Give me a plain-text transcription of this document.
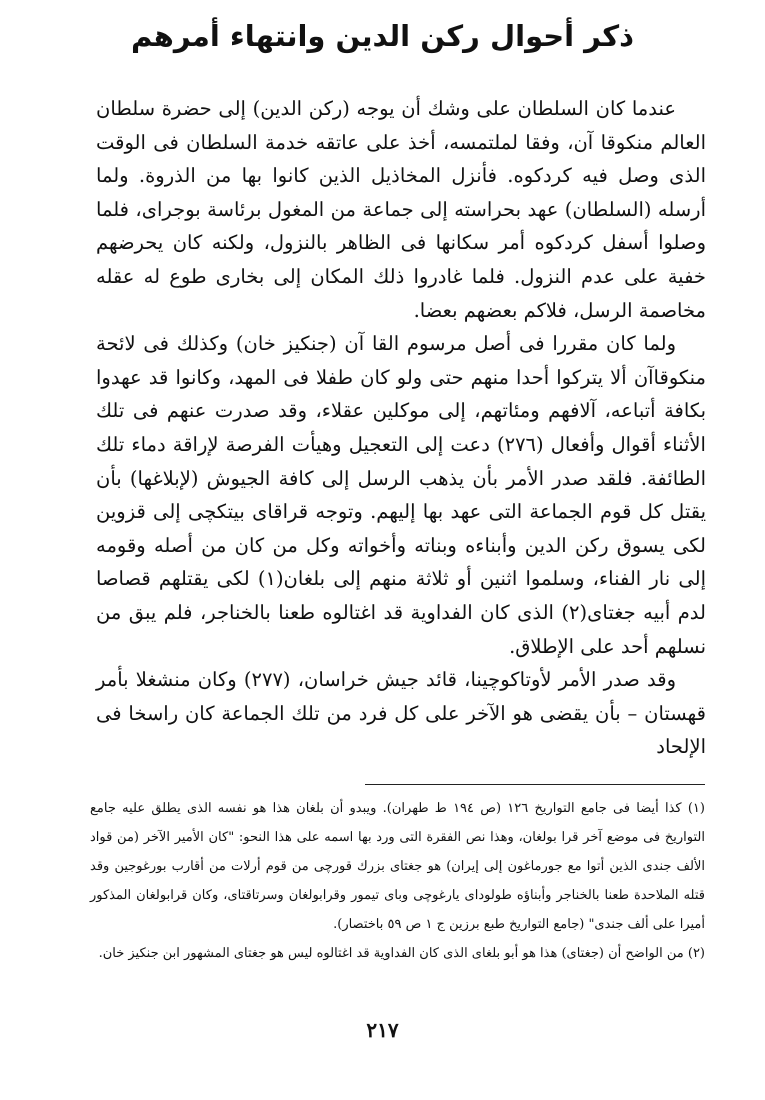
ذكر أحوال ركن الدين وانتهاء أمرهم

عندما كان السلطان على وشك أن يوجه (ركن الدين) إلى حضرة سلطان العالم منكوقا آن، وفقا لملتمسه، أخذ على عاتقه خدمة السلطان فى الوقت الذى وصل فيه كردكوه. فأنزل المخاذيل الذين كانوا بها من الذروة. ولما أرسله (السلطان) عهد بحراسته إلى جماعة من المغول برئاسة بوجراى، فلما وصلوا أسفل كردكوه أمر سكانها فى الظاهر بالنزول، ولكنه كان يحرضهم خفية على عدم النزول. فلما غادروا ذلك المكان إلى بخارى طوع له عقله مخاصمة الرسل، فلاكم بعضهم بعضا.

ولما كان مقررا فى أصل مرسوم القا آن (جنكيز خان) وكذلك فى لائحة منكوقاآن ألا يتركوا أحدا منهم حتى ولو كان طفلا فى المهد، وكانوا قد عهدوا بكافة أتباعه، آلافهم ومئاتهم، إلى موكلين عقلاء، وقد صدرت عنهم فى تلك الأثناء أقوال وأفعال (٢٧٦) دعت إلى التعجيل وهيأت الفرصة لإراقة دماء تلك الطائفة. فلقد صدر الأمر بأن يذهب الرسل إلى كافة الجيوش (لإبلاغها) بأن يقتل كل قوم الجماعة التى عهد بها إليهم. وتوجه قراقاى بيتكچى إلى قزوين لكى يسوق ركن الدين وأبناءه وبناته وأخواته وكل من كان من أصله وقومه إلى نار الفناء، وسلموا اثنين أو ثلاثة منهم إلى بلغان(١) لكى يقتلهم قصاصا لدم أبيه جغتاى(٢) الذى كان الفداوية قد اغتالوه طعنا بالخناجر، فلم يبق من نسلهم أحد على الإطلاق.

وقد صدر الأمر لأوتاكوچينا، قائد جيش خراسان، (٢٧٧) وكان منشغلا بأمر قهستان – بأن يقضى هو الآخر على كل فرد من تلك الجماعة كان راسخا فى الإلحاد

(١) كذا أيضا فى جامع التواريخ ١٢٦ (ص ١٩٤ ط طهران). ويبدو أن بلغان هذا هو نفسه الذى يطلق عليه جامع التواريخ فى موضع آخر قرا بولغان، وهذا نص الفقرة التى ورد بها اسمه على هذا النحو: "كان الأمير الآخر (من قواد الألف جندى الذين أتوا مع جورماغون إلى إيران) هو جغتاى بزرك قورچى من قوم أرلات من أقارب بورغوجين وقد قتله الملاحدة طعنا بالخناجر وأبناؤه طولوداى يارغوچى وباى تيمور وقرابولغان وسرتاقتاى، وكان قرابولغان المذكور أميرا على ألف جندى" (جامع التواريخ طبع برزين ج ١ ص ٥٩ باختصار).

(٢) من الواضح أن (جغتاى) هذا هو أبو بلغاى الذى كان الفداوية قد اغتالوه ليس هو جغتاى المشهور ابن جنكيز خان.

٢١٧
